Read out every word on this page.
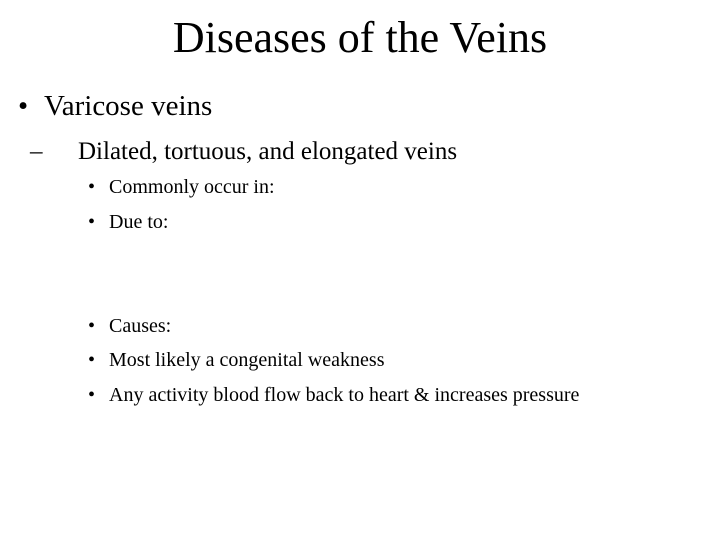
Diseases of the Veins
• Varicose veins
– Dilated, tortuous, and elongated veins
• Commonly occur in:
• Due to:
• Causes:
• Most likely a congenital weakness
• Any activity blood flow back to heart & increases pressure
